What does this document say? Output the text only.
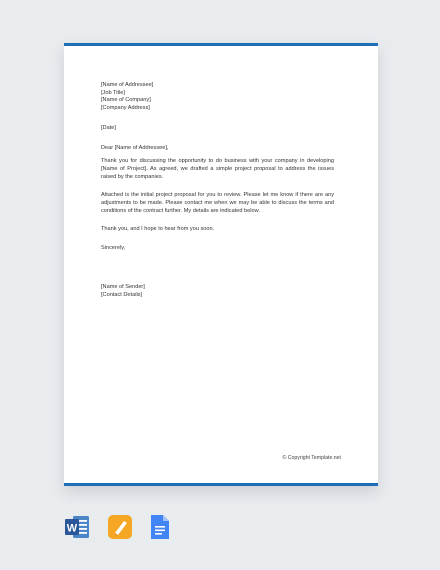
[Name of Addressee]
[Job Title]
[Name of Company]
[Company Address]
[Date]
Dear [Name of Addressee],

Thank you for discussing the opportunity to do business with your company in developing [Name of Project]. As agreed, we drafted a simple project proposal to address the issues raised by the companies.

Attached is the initial project proposal for you to review. Please let me know if there are any adjustments to be made. Please contact me when we may be able to discuss the terms and conditions of the contract further. My details are indicated below.

Thank you, and I hope to hear from you soon.

Sincerely,
[Name of Sender]
[Contact Details]
© Copyright Template.net
W
